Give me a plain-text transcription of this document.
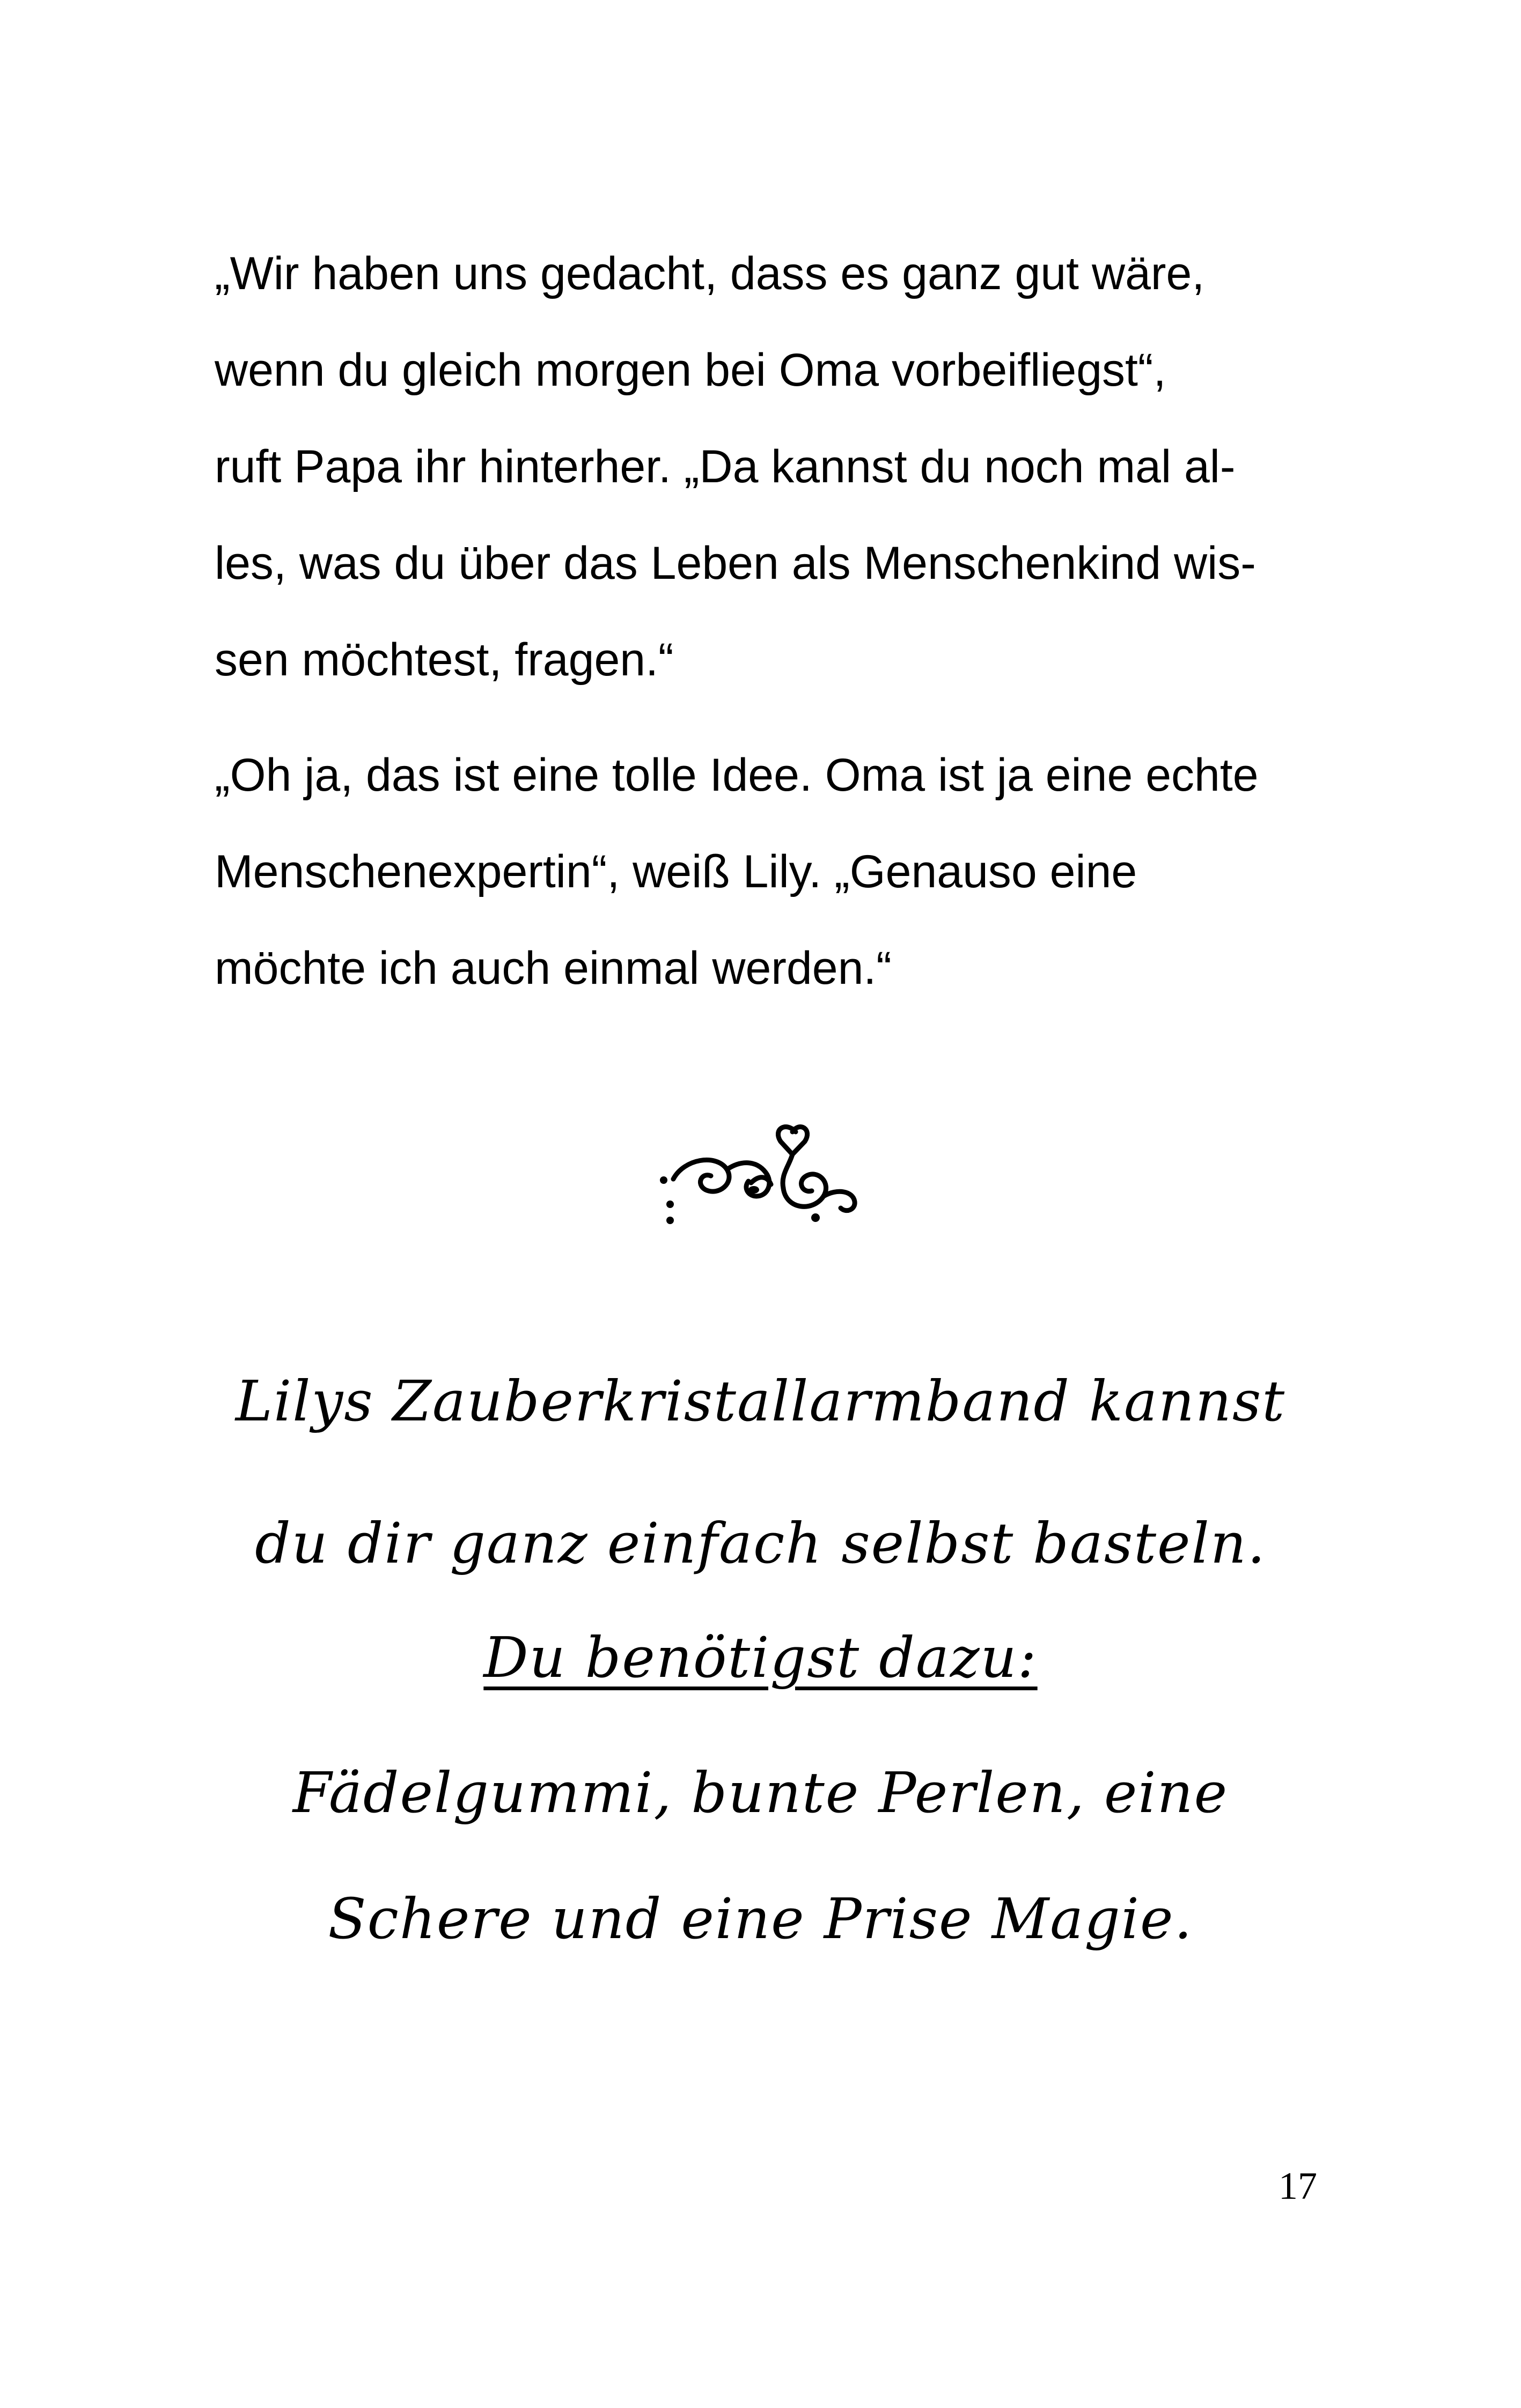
„Wir haben uns gedacht, dass es ganz gut wäre,
wenn du gleich morgen bei Oma vorbeifliegst“,
ruft Papa ihr hinterher. „Da kannst du noch mal al-
les, was du über das Leben als Menschenkind wis-
sen möchtest, fragen.“
„Oh ja, das ist eine tolle Idee. Oma ist ja eine echte
Menschenexpertin“, weiß Lily. „Genauso eine
möchte ich auch einmal werden.“
Lilys Zauberkristallarmband kannst
du dir ganz einfach selbst basteln.
Du benötigst dazu:
Fädelgummi, bunte Perlen, eine
Schere und eine Prise Magie.
17
